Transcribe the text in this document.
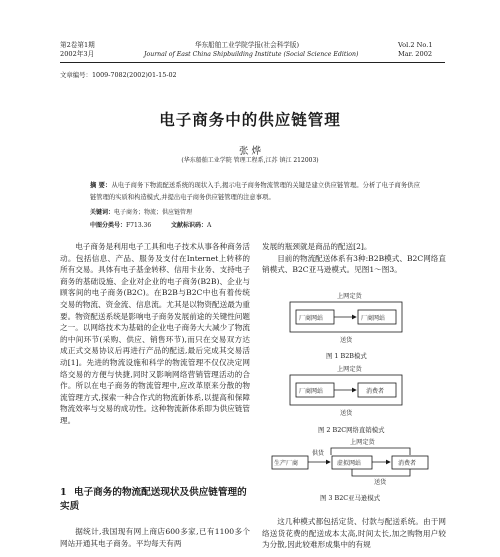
第2卷第1期
2002年3月
华东船舶工业学院学报(社会科学版)
Journal of East China Shipbuilding Institute (Social Science Edition)
Vol.2 No.1
Mar. 2002
文章编号：1009-7082(2002)01-15-02
电子商务中的供应链管理
张 烨
(华东船舶工业学院 管理工程系,江苏 镇江 212003)
摘 要：从电子商务下物流配送系统的现状入手,揭示电子商务物流管理的关键是建立供应链管理。分析了电子商务供应链管理的实质和构造模式,并提出电子商务供应链管理的注意事项。
关键词：电子商务；物流；供应链管理
中图分类号：F713.36	文献标识码：A

电子商务是利用电子工具和电子技术从事各种商务活动。包括信息、产品、服务及支付在Internet上转移的所有交易。具体有电子基金转移、信用卡业务、支持电子商务的基础设施、企业对企业的电子商务(B2B)、企业与顾客间的电子商务(B2C)。在B2B与B2C中也有着传统交易的物流、资金流、信息流。尤其是以物资配送最为重要。物资配送系统是影响电子商务发展前途的关键性问题之一。以网络技术为基础的企业电子商务大大减少了物流的中间环节(采购、供应、销售环节),而只在交易双方达成正式交易协议后再进行产品的配送,最后完成其交易活动[1]。先进的物流设施和科学的物流管理不仅仅决定网络交易的方便与快捷,同时又影响网络营销管理活动的合作。所以在电子商务的物流管理中,应改革原来分散的物流管理方式,探索一种合作式的物流新体系,以提高和保障物流效率与交易的成功性。这种物流新体系即为供应链管理。

1 电子商务的物流配送现状及供应链管理的实质

据统计,我国现有网上商店600多家,已有1100多个网站开通其电子商务。平均每天有两

发展的瓶颈就是商品的配送[2]。

目前的物流配送体系有3种:B2B模式、B2C网络直销模式、B2C亚马逊模式。见图1～图3。

上网定货
厂商网站	厂商网站
送货
图 1 B2B模式
上网定货
厂商网站	消费者
送货
图 2 B2C网络直销模式
上网定货
生产厂商
供货
虚拟网站	消费者
送货
图 3 B2C亚马逊模式

这几种模式都包括定货、付款与配送系统。由于网络送货花费的配送成本太高,时间太长,加之购物用户较为分散,因此较难形成集中的有规
